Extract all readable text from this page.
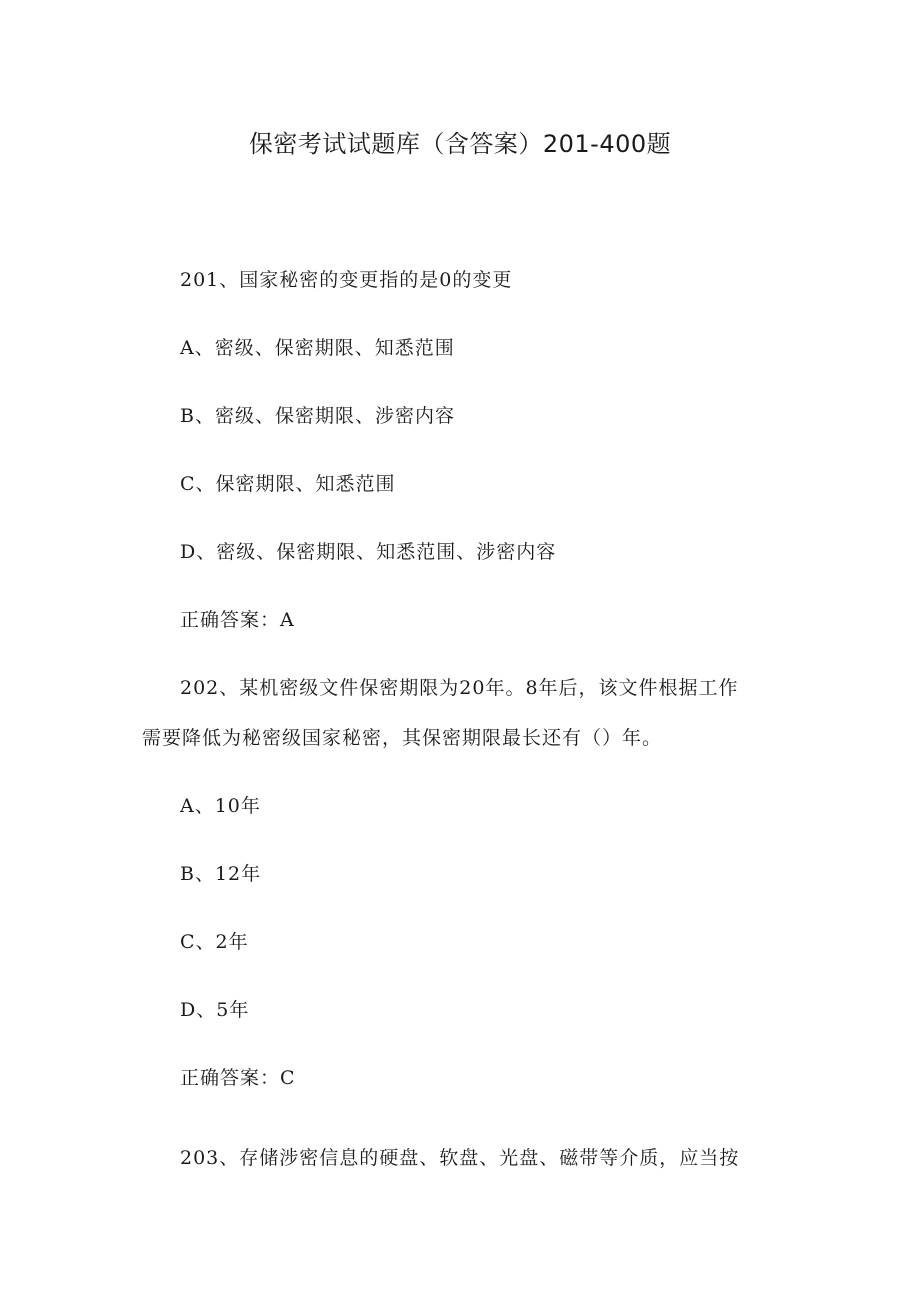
保密考试试题库（含答案）201-400题
201、国家秘密的变更指的是0的变更
A、密级、保密期限、知悉范围
B、密级、保密期限、涉密内容
C、保密期限、知悉范围
D、密级、保密期限、知悉范围、涉密内容
正确答案：A
202、某机密级文件保密期限为20年。8年后，该文件根据工作
需要降低为秘密级国家秘密，其保密期限最长还有（）年。
A、10年
B、12年
C、2年
D、5年
正确答案：C
203、存储涉密信息的硬盘、软盘、光盘、磁带等介质，应当按
